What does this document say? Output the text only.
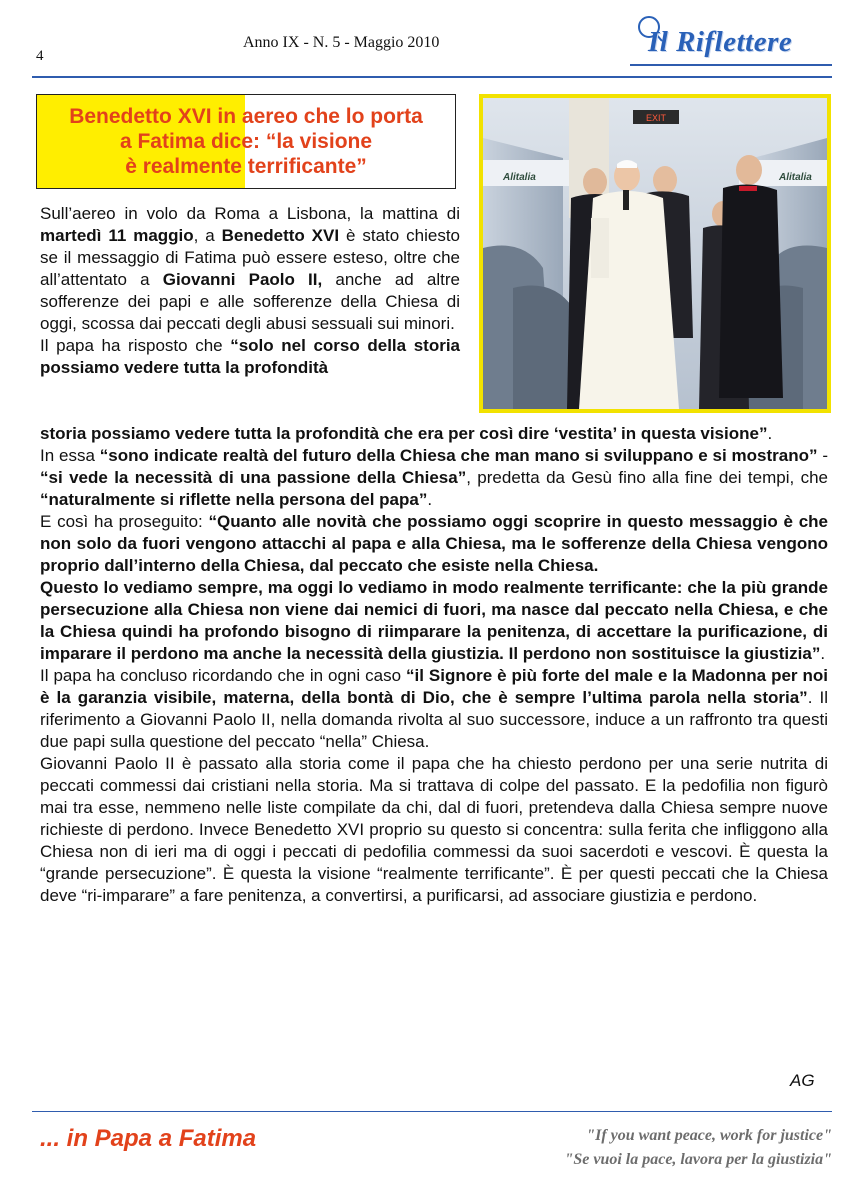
4
Anno IX - N. 5 - Maggio 2010	Il Riflettere
Benedetto XVI in aereo che lo porta
a Fatima dice: “la visione
è realmente terrificante”
EXIT
Alitalia	Alitalia

Sull’aereo in volo da Roma a Lisbona, la mattina di martedì 11 maggio, a Benedetto XVI è stato chiesto se il messaggio di Fatima può essere esteso, oltre che all’attentato a Giovanni Paolo II, anche ad altre sofferenze dei papi e alle sofferenze della Chiesa di oggi, scossa dai peccati degli abusi sessuali sui minori.

Il papa ha risposto che “solo nel corso della storia possiamo vedere tutta la profondità

storia possiamo vedere tutta la profondità che era per così dire ‘vestita’ in questa visione”.

In essa “sono indicate realtà del futuro della Chiesa che man mano si sviluppano e si mostrano” - “si vede la necessità di una passione della Chiesa”, predetta da Gesù fino alla fine dei tempi, che “naturalmente si riflette nella persona del papa”.

E così ha proseguito: “Quanto alle novità che possiamo oggi scoprire in questo messaggio è che non solo da fuori vengono attacchi al papa e alla Chiesa, ma le sofferenze della Chiesa vengono proprio dall’interno della Chiesa, dal peccato che esiste nella Chiesa.

Questo lo vediamo sempre, ma oggi lo vediamo in modo realmente terrificante: che la più grande persecuzione alla Chiesa non viene dai nemici di fuori, ma nasce dal peccato nella Chiesa, e che la Chiesa quindi ha profondo bisogno di riimparare la penitenza, di accettare la purificazione, di imparare il perdono ma anche la necessità della giustizia. Il perdono non sostituisce la giustizia”.

Il papa ha concluso ricordando che in ogni caso “il Signore è più forte del male e la Madonna per noi è la garanzia visibile, materna, della bontà di Dio, che è sempre l’ultima parola nella storia”. Il riferimento a Giovanni Paolo II, nella domanda rivolta al suo successore, induce a un raffronto tra questi due papi sulla questione del peccato “nella” Chiesa.

Giovanni Paolo II è passato alla storia come il papa che ha chiesto perdono per una serie nutrita di peccati commessi dai cristiani nella storia. Ma si trattava di colpe del passato. E la pedofilia non figurò mai tra esse, nemmeno nelle liste compilate da chi, dal di fuori, pretendeva dalla Chiesa sempre nuove richieste di perdono. Invece Benedetto XVI proprio su questo si concentra: sulla ferita che infliggono alla Chiesa non di ieri ma di oggi i peccati di pedofilia commessi da suoi sacerdoti e vescovi. È questa la “grande persecuzione”. È questa la visione “realmente terrificante”. È per questi peccati che la Chiesa deve “ri-imparare” a fare penitenza, a convertirsi, a purificarsi, ad associare giustizia e perdono.

AG
... in Papa a Fatima	"If you want peace, work for justice"
"Se vuoi la pace, lavora per la giustizia"
